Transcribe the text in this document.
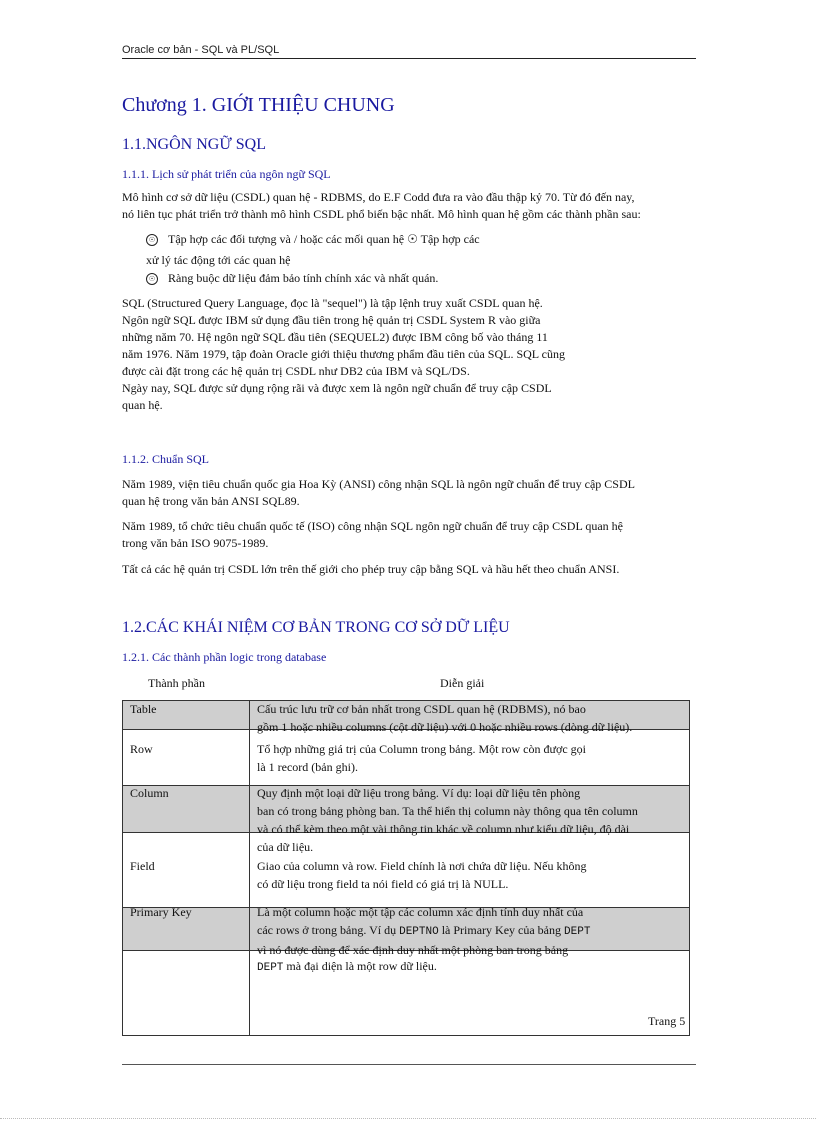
Oracle cơ bản - SQL và PL/SQL
Chương 1. GIỚI THIỆU CHUNG
1.1.NGÔN NGỮ SQL
1.1.1. Lịch sử phát triển của ngôn ngữ SQL
Mô hình cơ sở dữ liệu (CSDL) quan hệ - RDBMS, do E.F Codd đưa ra vào đầu thập kỷ 70. Từ đó đến nay,
nó liên tục phát triển trở thành mô hình CSDL phổ biến bậc nhất. Mô hình quan hệ gồm các thành phần sau:
☉ Tập hợp các đối tượng và / hoặc các mối quan hệ ☉ Tập hợp các
xử lý tác động tới các quan hệ
☉ Ràng buộc dữ liệu đảm bảo tính chính xác và nhất quán.
SQL (Structured Query Language, đọc là "sequel") là tập lệnh truy xuất CSDL quan hệ.
Ngôn ngữ SQL được IBM sử dụng đầu tiên trong hệ quản trị CSDL System R vào giữa
những năm 70. Hệ ngôn ngữ SQL đầu tiên (SEQUEL2) được IBM công bố vào tháng 11
năm 1976. Năm 1979, tập đoàn Oracle giới thiệu thương phẩm đầu tiên của SQL. SQL cũng
được cài đặt trong các hệ quản trị CSDL như DB2 của IBM và SQL/DS.
Ngày nay, SQL được sử dụng rộng rãi và được xem là ngôn ngữ chuẩn để truy cập CSDL
quan hệ.
1.1.2. Chuẩn SQL
Năm 1989, viện tiêu chuẩn quốc gia Hoa Kỳ (ANSI) công nhận SQL là ngôn ngữ chuẩn để truy cập CSDL
quan hệ trong văn bản ANSI SQL89.
Năm 1989, tổ chức tiêu chuẩn quốc tế (ISO) công nhận SQL ngôn ngữ chuẩn để truy cập CSDL quan hệ
trong văn bản ISO 9075-1989.
Tất cả các hệ quản trị CSDL lớn trên thế giới cho phép truy cập bằng SQL và hầu hết theo chuẩn ANSI.
1.2.CÁC KHÁI NIỆM CƠ BẢN TRONG CƠ SỞ DỮ LIỆU
1.2.1. Các thành phần logic trong database
Thành phần	Diễn giải
Table	Cấu trúc lưu trữ cơ bản nhất trong CSDL quan hệ (RDBMS), nó bao
gồm 1 hoặc nhiều columns (cột dữ liệu) với 0 hoặc nhiều rows (dòng dữ liệu).
Row	Tổ hợp những giá trị của Column trong bảng. Một row còn được gọi
là 1 record (bản ghi).
Column	Quy định một loại dữ liệu trong bảng. Ví dụ: loại dữ liệu tên phòng
ban có trong bảng phòng ban. Ta thể hiển thị column này thông qua tên column
và có thể kèm theo một vài thông tin khác về column như kiểu dữ liệu, độ dài
của dữ liệu.
Field	Giao của column và row. Field chính là nơi chứa dữ liệu. Nếu không
có dữ liệu trong field ta nói field có giá trị là NULL.
Primary Key	Là một column hoặc một tập các column xác định tính duy nhất của
các rows ở trong bảng. Ví dụ DEPTNO là Primary Key của bảng DEPT
vì nó được dùng để xác định duy nhất một phòng ban trong bảng
DEPT mà đại diện là một row dữ liệu.
Trang 5
